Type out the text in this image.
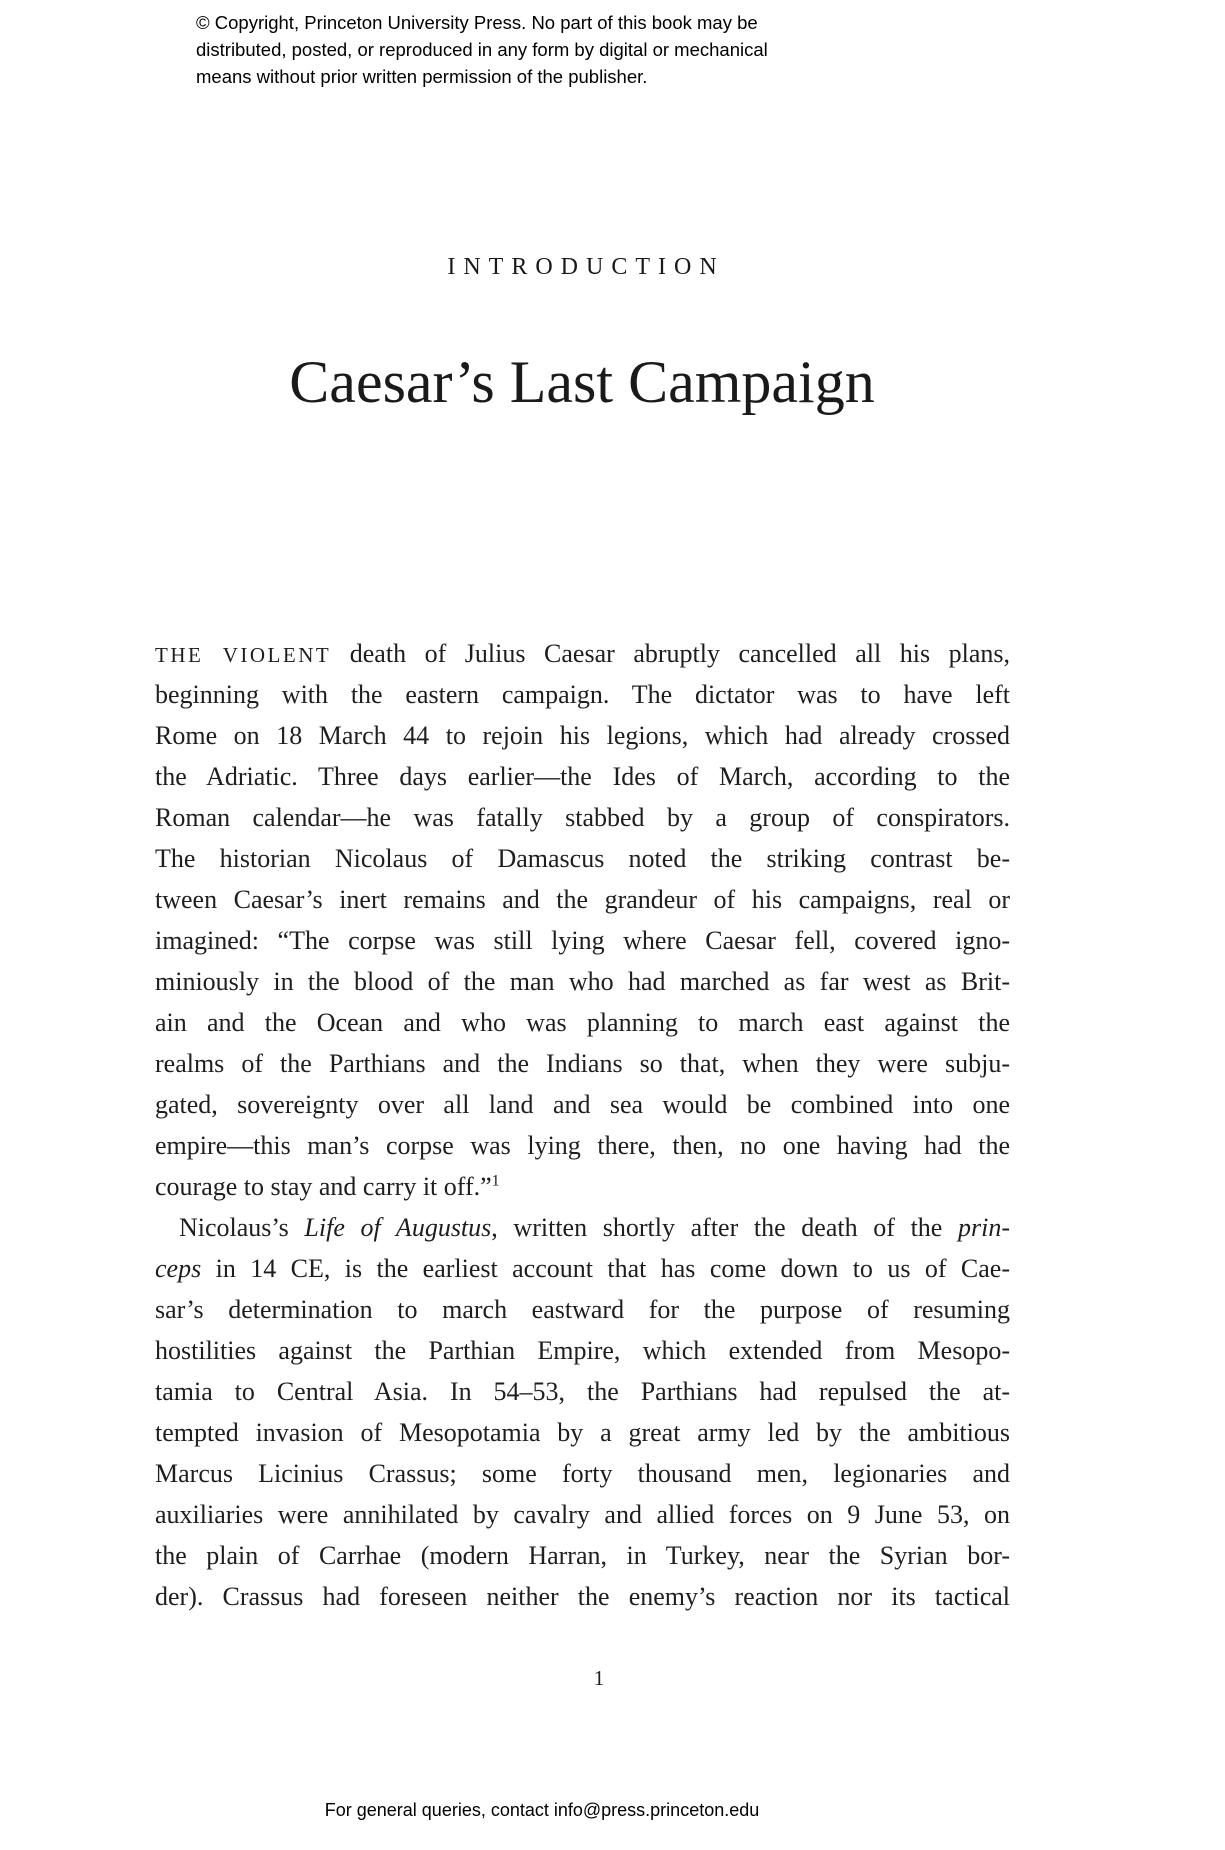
© Copyright, Princeton University Press. No part of this book may be
distributed, posted, or reproduced in any form by digital or mechanical
means without prior written permission of the publisher.
INTRODUCTION
Caesar’s Last Campaign
THE VIOLENT death of Julius Caesar abruptly cancelled all his plans,
beginning with the eastern campaign. The dictator was to have left
Rome on 18 March 44 to rejoin his legions, which had already crossed
the Adriatic. Three days earlier—the Ides of March, according to the
Roman calendar—he was fatally stabbed by a group of conspirators.
The historian Nicolaus of Damascus noted the striking contrast be-
tween Caesar’s inert remains and the grandeur of his campaigns, real or
imagined: “The corpse was still lying where Caesar fell, covered igno-
miniously in the blood of the man who had marched as far west as Brit-
ain and the Ocean and who was planning to march east against the
realms of the Parthians and the Indians so that, when they were subju-
gated, sovereignty over all land and sea would be combined into one
empire—this man’s corpse was lying there, then, no one having had the
courage to stay and carry it off.”$^1$
Nicolaus’s Life of Augustus, written shortly after the death of the prin-
ceps in 14 CE, is the earliest account that has come down to us of Cae-
sar’s determination to march eastward for the purpose of resuming
hostilities against the Parthian Empire, which extended from Mesopo-
tamia to Central Asia. In 54–53, the Parthians had repulsed the at-
tempted invasion of Mesopotamia by a great army led by the ambitious
Marcus Licinius Crassus; some forty thousand men, legionaries and
auxiliaries were annihilated by cavalry and allied forces on 9 June 53, on
the plain of Carrhae (modern Harran, in Turkey, near the Syrian bor-
der). Crassus had foreseen neither the enemy’s reaction nor its tactical
1
For general queries, contact info@press.princeton.edu
